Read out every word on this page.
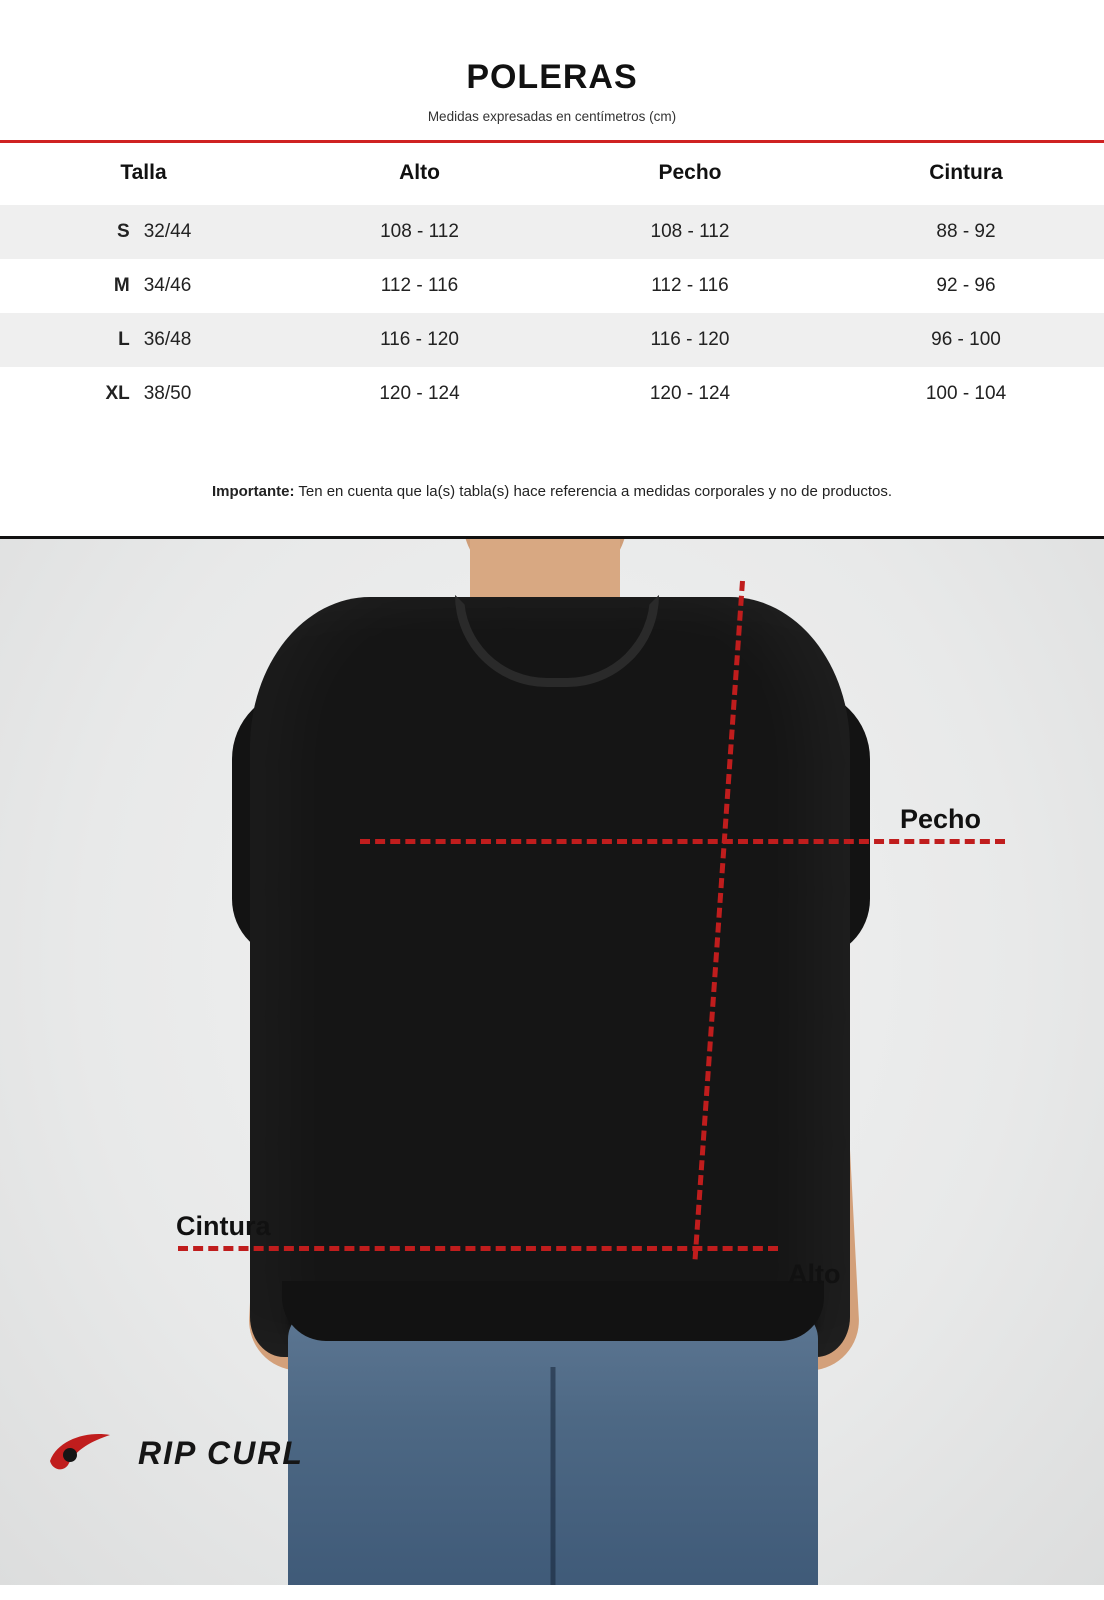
POLERAS
Medidas expresadas en centímetros (cm)
Talla	Alto	Pecho	Cintura
S 32/44	108 - 112	108 - 112	88 - 92
M 34/46	112 - 116	112 - 116	92 - 96
L 36/48	116 - 120	116 - 120	96 - 100
XL 38/50	120 - 124	120 - 124	100 - 104
Importante: Ten en cuenta que la(s) tabla(s) hace referencia a medidas corporales y no de productos.
Pecho
Alto
Cintura
RIP CURL
